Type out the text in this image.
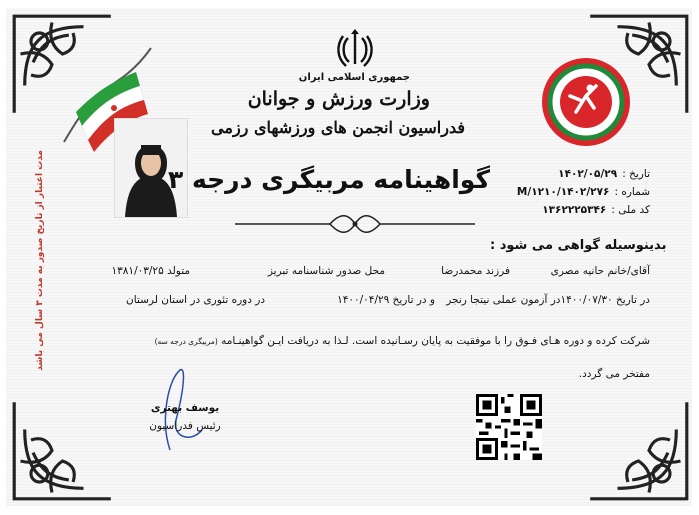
مدت اعتبار از تاریخ صدور به مدت ۳ سال می باشد
جمهوری اسلامی ایران
وزارت ورزش و جوانان
فدراسیون انجمن های ورزشهای رزمی
تاریخ : ۱۴۰۲/۰۵/۲۹
شماره : ۱۴۰۲/۲۷۶/M/۱۲۱۰
کد ملی : ۱۳۶۲۲۲۵۳۴۶
گواهینامه مربیگری درجه ۳
بدینوسیله گواهی می شود :
آقای/خانم حانیه مصری
فرزند محمدرضا
محل صدور شناسنامه تبریز
متولد ۱۳۸۱/۰۳/۲۵
در تاریخ ۱۴۰۰/۰۷/۳۰در آزمون عملی نیتجا رنجر
و در تاریخ ۱۴۰۰/۰۴/۲۹
در دوره تئوری در استان لرستان
شرکت کرده و دوره هـای فـوق را با موفقیت به پایان رسـانیده است. لـذا به دریافت ایـن گواهینـامه (مربیگری درجه سه)
مفتخر می گردد.
یوسف بهتری
رئیس فدراسیون
